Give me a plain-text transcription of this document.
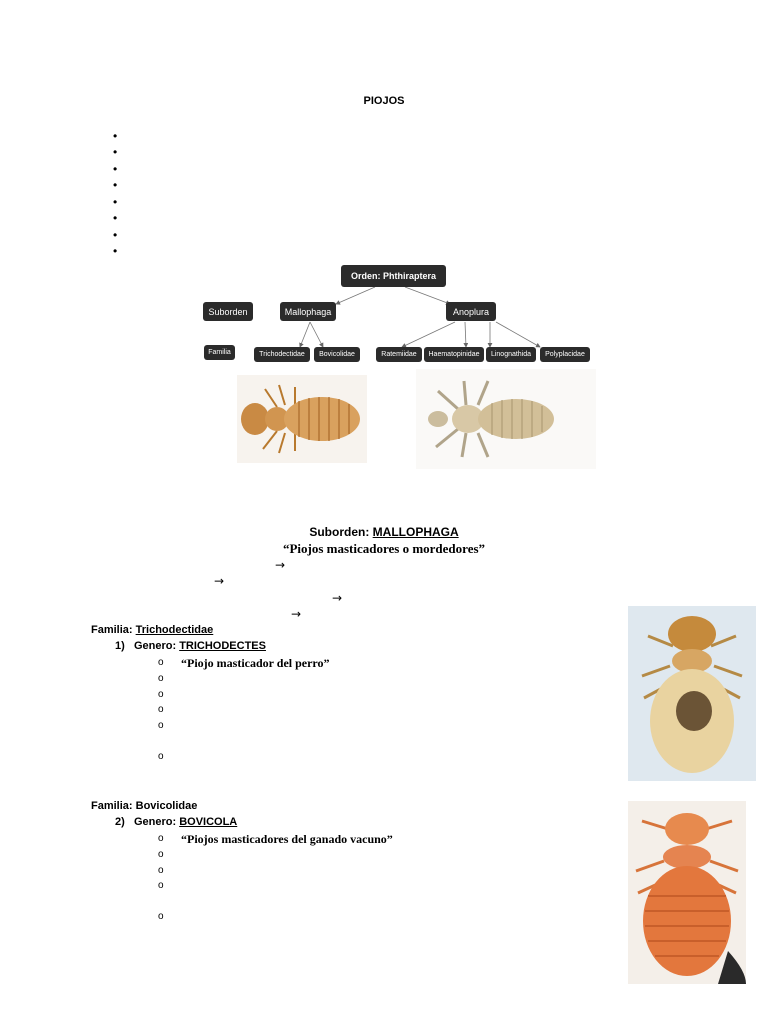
PIOJOS
•
•
•
•
•
•
•
•
Orden: Phthiraptera
Suborden	Mallophaga	Anoplura
Familia	Trichodectidae	Bovicolidae	Ratemiidae	Haematopinidae	Linognathida	Polyplacidae
Suborden: MALLOPHAGA
“Piojos masticadores o mordedores”
→
→
→
→
Familia: Trichodectidae
1) Genero: TRICHODECTES
o “Piojo masticador del perro”
o
o
o
o
o
Familia: Bovicolidae
2) Genero: BOVICOLA
o “Piojos masticadores del ganado vacuno”
o
o
o
o
